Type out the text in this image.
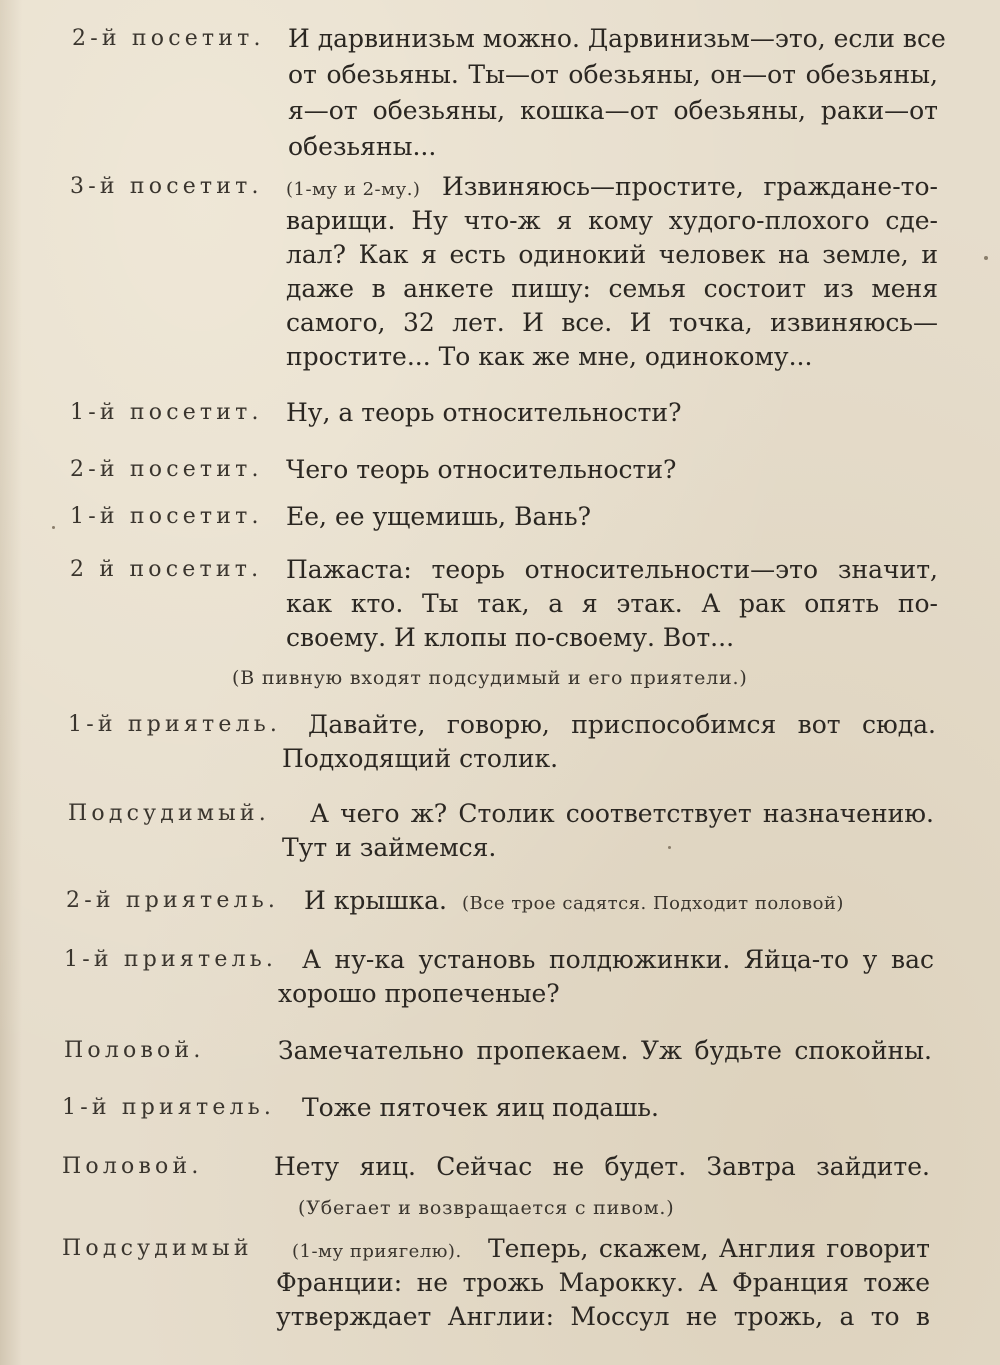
2-й посетит. И дарвинизьм можно. Дарвинизьм—это, если все
от обезьяны. Ты—от обезьяны, он—от обезьяны,
я—от обезьяны, кошка—от обезьяны, раки—от
обезьяны...
3-й посетит. (1-му и 2-му.) Извиняюсь—простите, граждане-то-
варищи. Ну что-ж я кому худого-плохого сде-
лал? Как я есть одинокий человек на земле, и
даже в анкете пишу: семья состоит из меня
самого, 32 лет. И все. И точка, извиняюсь—
простите... То как же мне, одинокому...
1-й посетит. Ну, а теорь относительности?
2-й посетит. Чего теорь относительности?
1-й посетит. Ее, ее ущемишь, Вань?
2 й посетит. Пажаста: теорь относительности—это значит,
как кто. Ты так, а я этак. А рак опять по-
своему. И клопы по-своему. Вот...
(В пивную входят подсудимый и его приятели.)
1-й приятель. Давайте, говорю, приспособимся вот сюда.
Подходящий столик.
Подсудимый. А чего ж? Столик соответствует назначению.
Тут и займемся.
2-й приятель. И крышка. (Все трое садятся. Подходит половой)
1-й приятель. А ну-ка установь полдюжинки. Яйца-то у вас
хорошо пропеченые?
Половой.	Замечательно пропекаем. Уж будьте спокойны.
1-й приятель. Тоже пяточек яиц подашь.
Половой.	Нету яиц. Сейчас не будет. Завтра зайдите.
(Убегает и возвращается с пивом.)
Подсудимый (1-му приягелю). Теперь, скажем, Англия говорит
Франции: не трожь Марокку. А Франция тоже
утверждает Англии: Моссул не трожь, а то в
